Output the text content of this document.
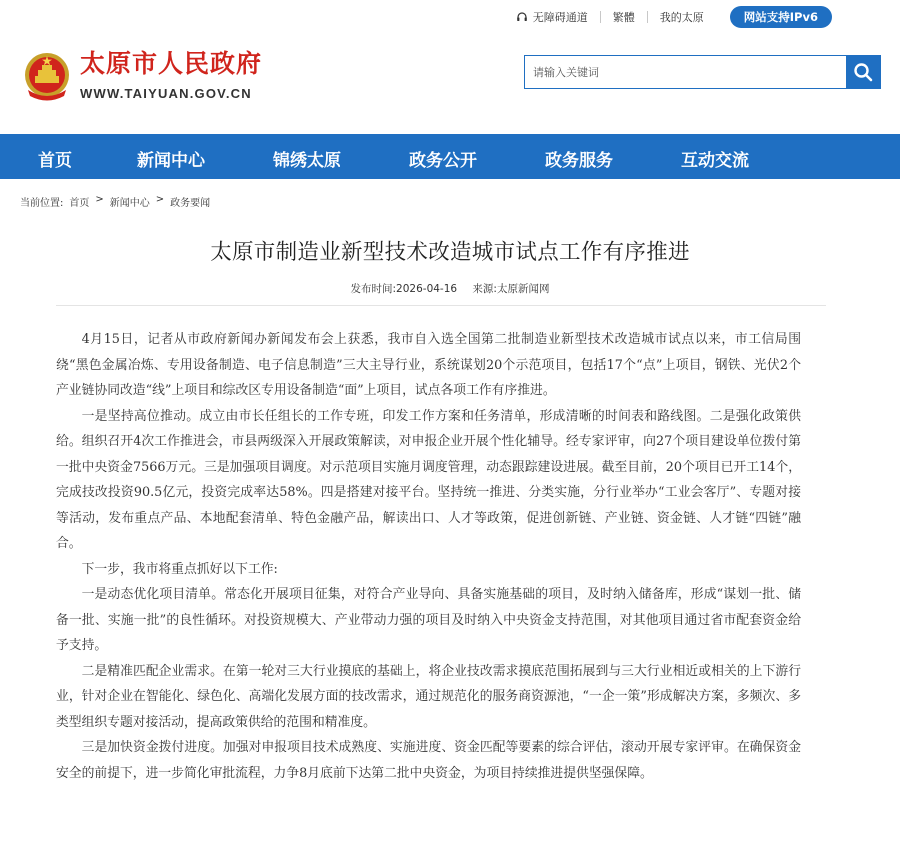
无障碍通道	繁體	我的太原	网站支持IPv6
太原市人民政府
WWW.TAIYUAN.GOV.CN
请输入关键词
首页	新闻中心	锦绣太原	政务公开	政务服务	互动交流
当前位置: 首页 > 新闻中心 > 政务要闻
太原市制造业新型技术改造城市试点工作有序推进
发布时间:2026-04-16 来源:太原新闻网

4月15日，记者从市政府新闻办新闻发布会上获悉，我市自入选全国第二批制造业新型技术改造城市试点以来，市工信局围绕“黑色金属冶炼、专用设备制造、电子信息制造”三大主导行业，系统谋划20个示范项目，包括17个“点”上项目，钢铁、光伏2个产业链协同改造“线”上项目和综改区专用设备制造“面”上项目，试点各项工作有序推进。

一是坚持高位推动。成立由市长任组长的工作专班，印发工作方案和任务清单，形成清晰的时间表和路线图。二是强化政策供给。组织召开4次工作推进会，市县两级深入开展政策解读，对申报企业开展个性化辅导。经专家评审，向27个项目建设单位拨付第一批中央资金7566万元。三是加强项目调度。对示范项目实施月调度管理，动态跟踪建设进展。截至目前，20个项目已开工14个，完成技改投资90.5亿元，投资完成率达58%。四是搭建对接平台。坚持统一推进、分类实施，分行业举办“工业会客厅”、专题对接等活动，发布重点产品、本地配套清单、特色金融产品，解读出口、人才等政策，促进创新链、产业链、资金链、人才链“四链”融合。

下一步，我市将重点抓好以下工作:

一是动态优化项目清单。常态化开展项目征集，对符合产业导向、具备实施基础的项目，及时纳入储备库，形成“谋划一批、储备一批、实施一批”的良性循环。对投资规模大、产业带动力强的项目及时纳入中央资金支持范围，对其他项目通过省市配套资金给予支持。

二是精准匹配企业需求。在第一轮对三大行业摸底的基础上，将企业技改需求摸底范围拓展到与三大行业相近或相关的上下游行业，针对企业在智能化、绿色化、高端化发展方面的技改需求，通过规范化的服务商资源池，“一企一策”形成解决方案，多频次、多类型组织专题对接活动，提高政策供给的范围和精准度。

三是加快资金拨付进度。加强对申报项目技术成熟度、实施进度、资金匹配等要素的综合评估，滚动开展专家评审。在确保资金安全的前提下，进一步简化审批流程，力争8月底前下达第二批中央资金，为项目持续推进提供坚强保障。
